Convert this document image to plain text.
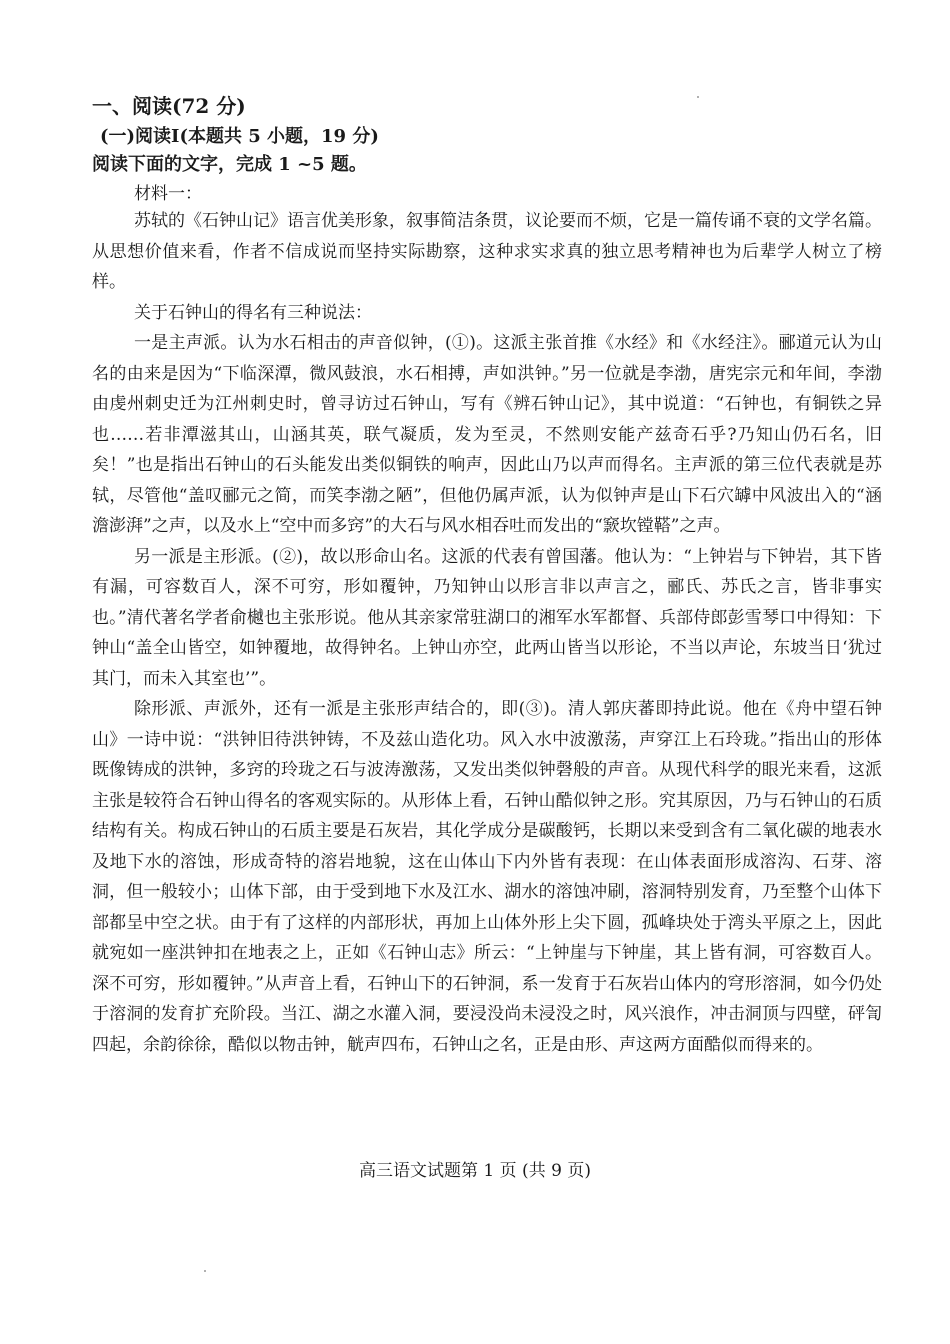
一、阅读(72 分)
(一)阅读Ⅰ(本题共 5 小题，19 分)
阅读下面的文字，完成 1 ~5 题。
材料一：

苏轼的《石钟山记》语言优美形象，叙事简洁条贯，议论要而不烦，它是一篇传诵不衰的文学名篇。从思想价值来看，作者不信成说而坚持实际勘察，这种求实求真的独立思考精神也为后辈学人树立了榜样。

关于石钟山的得名有三种说法：

一是主声派。认为水石相击的声音似钟，(①)。这派主张首推《水经》和《水经注》。郦道元认为山名的由来是因为“下临深潭，微风鼓浪，水石相搏，声如洪钟。”另一位就是李渤，唐宪宗元和年间，李渤由虔州刺史迁为江州刺史时，曾寻访过石钟山，写有《辨石钟山记》，其中说道：“石钟也，有铜铁之异也……若非潭滋其山，山涵其英，联气凝质，发为至灵，不然则安能产兹奇石乎?乃知山仍石名，旧矣！”也是指出石钟山的石头能发出类似铜铁的响声，因此山乃以声而得名。主声派的第三位代表就是苏轼，尽管他“盖叹郦元之简，而笑李渤之陋”，但他仍属声派，认为似钟声是山下石穴罅中风波出入的“涵澹澎湃”之声，以及水上“空中而多窍”的大石与风水相吞吐而发出的“窾坎镗鞳”之声。

另一派是主形派。(②)，故以形命山名。这派的代表有曾国藩。他认为：“上钟岩与下钟岩，其下皆有漏，可容数百人，深不可穷，形如覆钟，乃知钟山以形言非以声言之，郦氏、苏氏之言，皆非事实也。”清代著名学者俞樾也主张形说。他从其亲家常驻湖口的湘军水军都督、兵部侍郎彭雪琴口中得知：下钟山“盖全山皆空，如钟覆地，故得钟名。上钟山亦空，此两山皆当以形论，不当以声论，东坡当日‘犹过其门，而未入其室也’”。

除形派、声派外，还有一派是主张形声结合的，即(③)。清人郭庆蕃即持此说。他在《舟中望石钟山》一诗中说：“洪钟旧待洪钟铸，不及兹山造化功。风入水中波激荡，声穿江上石玲珑。”指出山的形体既像铸成的洪钟，多窍的玲珑之石与波涛激荡，又发出类似钟磬般的声音。从现代科学的眼光来看，这派主张是较符合石钟山得名的客观实际的。从形体上看，石钟山酷似钟之形。究其原因，乃与石钟山的石质结构有关。构成石钟山的石质主要是石灰岩，其化学成分是碳酸钙，长期以来受到含有二氧化碳的地表水及地下水的溶蚀，形成奇特的溶岩地貌，这在山体山下内外皆有表现：在山体表面形成溶沟、石芽、溶洞，但一般较小；山体下部，由于受到地下水及江水、湖水的溶蚀冲刷，溶洞特别发育，乃至整个山体下部都呈中空之状。由于有了这样的内部形状，再加上山体外形上尖下圆，孤峰块处于湾头平原之上，因此就宛如一座洪钟扣在地表之上，正如《石钟山志》所云：“上钟崖与下钟崖，其上皆有洞，可容数百人。深不可穷，形如覆钟。”从声音上看，石钟山下的石钟洞，系一发育于石灰岩山体内的穹形溶洞，如今仍处于溶洞的发育扩充阶段。当江、湖之水灌入洞，要浸没尚未浸没之时，风兴浪作，冲击洞顶与四壁，砰訇四起，余韵徐徐，酷似以物击钟，觥声四布，石钟山之名，正是由形、声这两方面酷似而得来的。

高三语文试题第 1 页 (共 9 页)
